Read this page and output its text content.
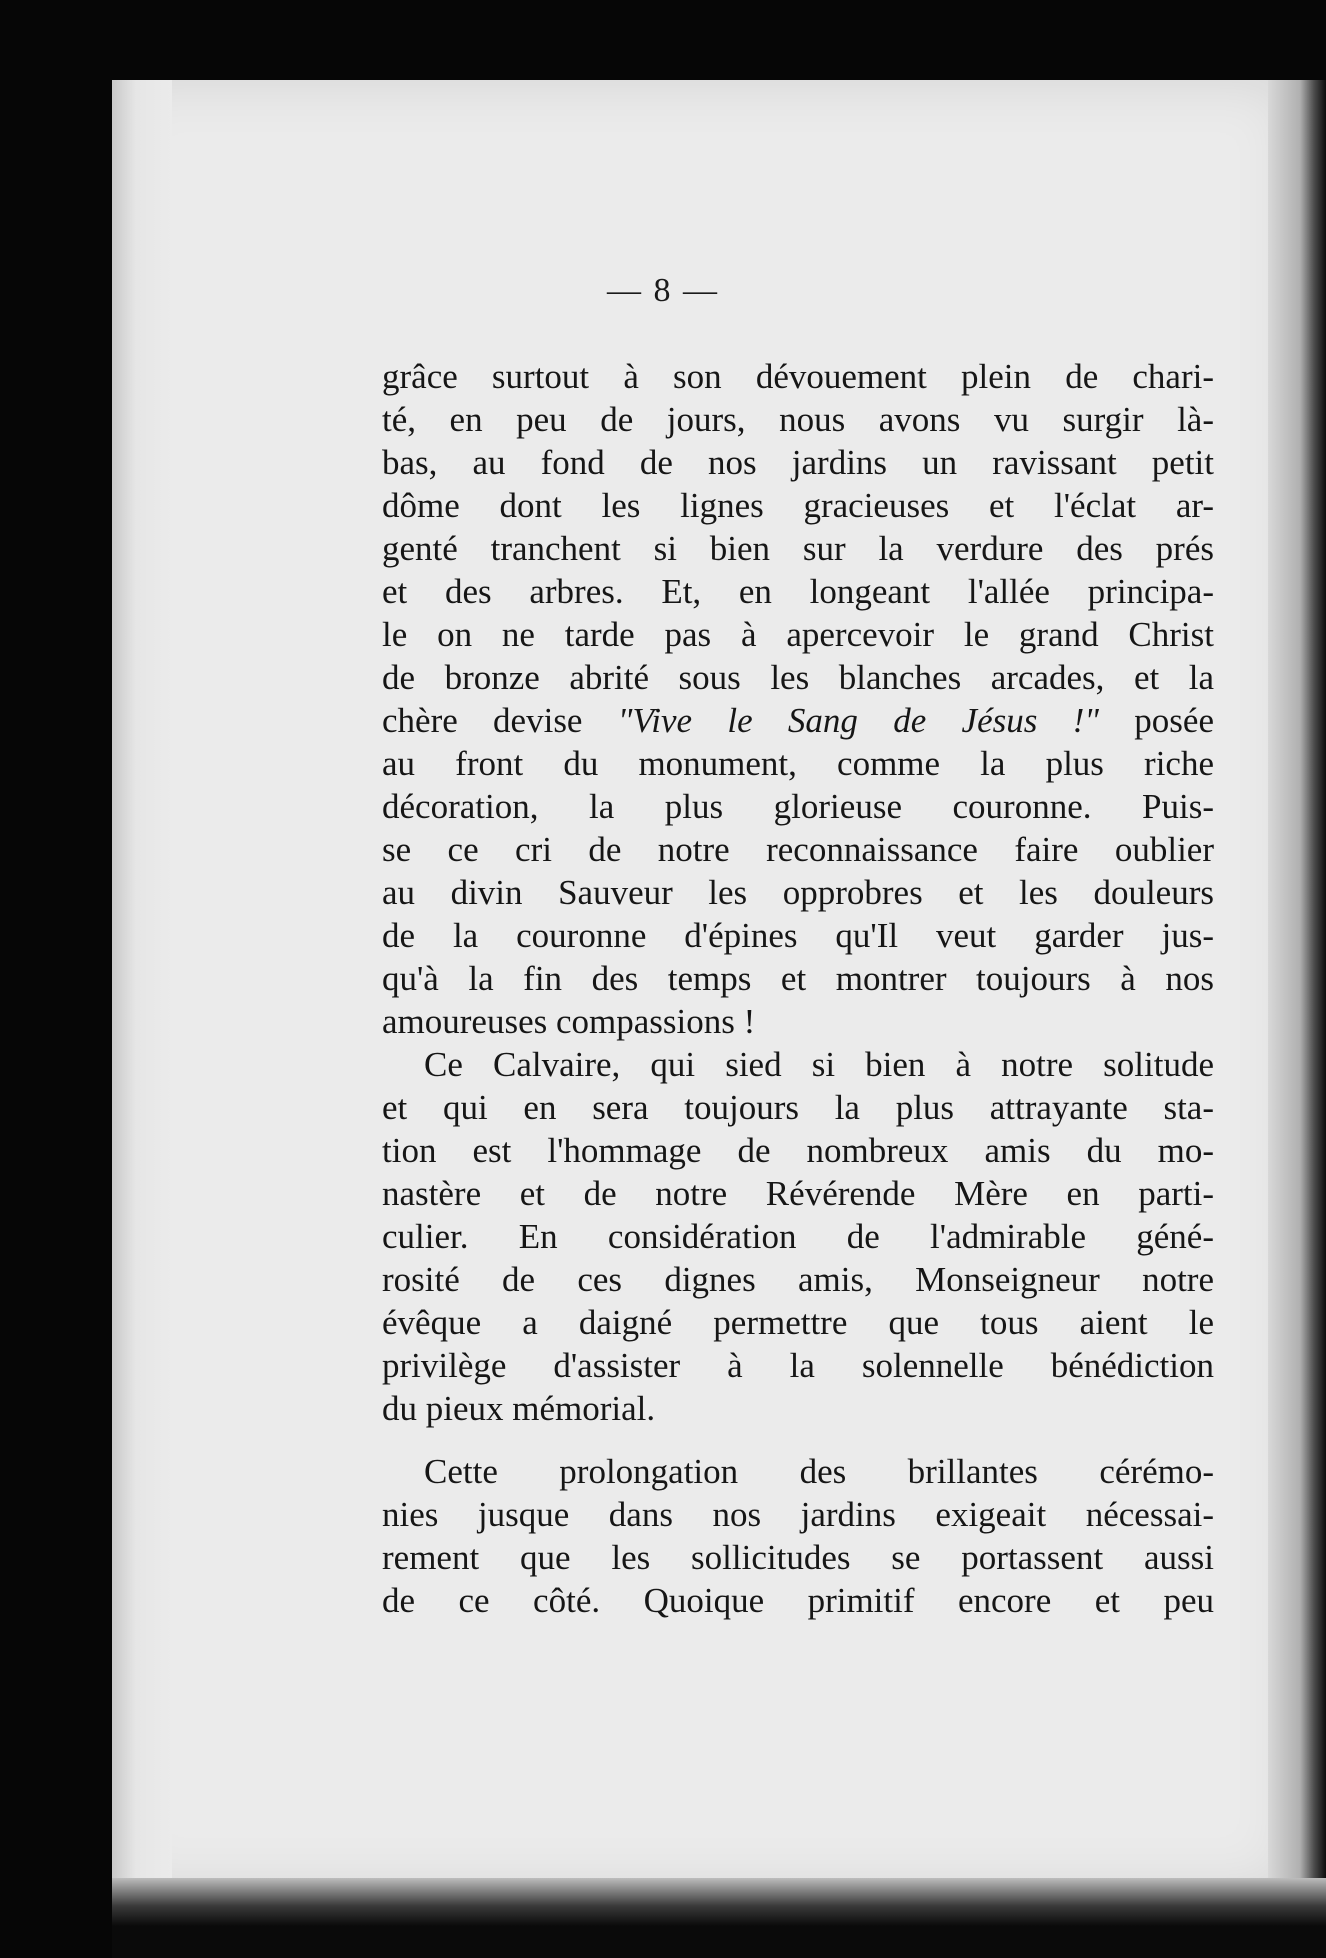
— 8 —
grâce surtout à son dévouement plein de chari-
té, en peu de jours, nous avons vu surgir là-
bas, au fond de nos jardins un ravissant petit
dôme dont les lignes gracieuses et l'éclat ar-
genté tranchent si bien sur la verdure des prés
et des arbres. Et, en longeant l'allée principa-
le on ne tarde pas à apercevoir le grand Christ
de bronze abrité sous les blanches arcades, et la
chère devise "Vive le Sang de Jésus !" posée
au front du monument, comme la plus riche
décoration, la plus glorieuse couronne. Puis-
se ce cri de notre reconnaissance faire oublier
au divin Sauveur les opprobres et les douleurs
de la couronne d'épines qu'Il veut garder jus-
qu'à la fin des temps et montrer toujours à nos
amoureuses compassions !
Ce Calvaire, qui sied si bien à notre solitude
et qui en sera toujours la plus attrayante sta-
tion est l'hommage de nombreux amis du mo-
nastère et de notre Révérende Mère en parti-
culier. En considération de l'admirable géné-
rosité de ces dignes amis, Monseigneur notre
évêque a daigné permettre que tous aient le
privilège d'assister à la solennelle bénédiction
du pieux mémorial.
Cette prolongation des brillantes cérémo-
nies jusque dans nos jardins exigeait nécessai-
rement que les sollicitudes se portassent aussi
de ce côté. Quoique primitif encore et peu
